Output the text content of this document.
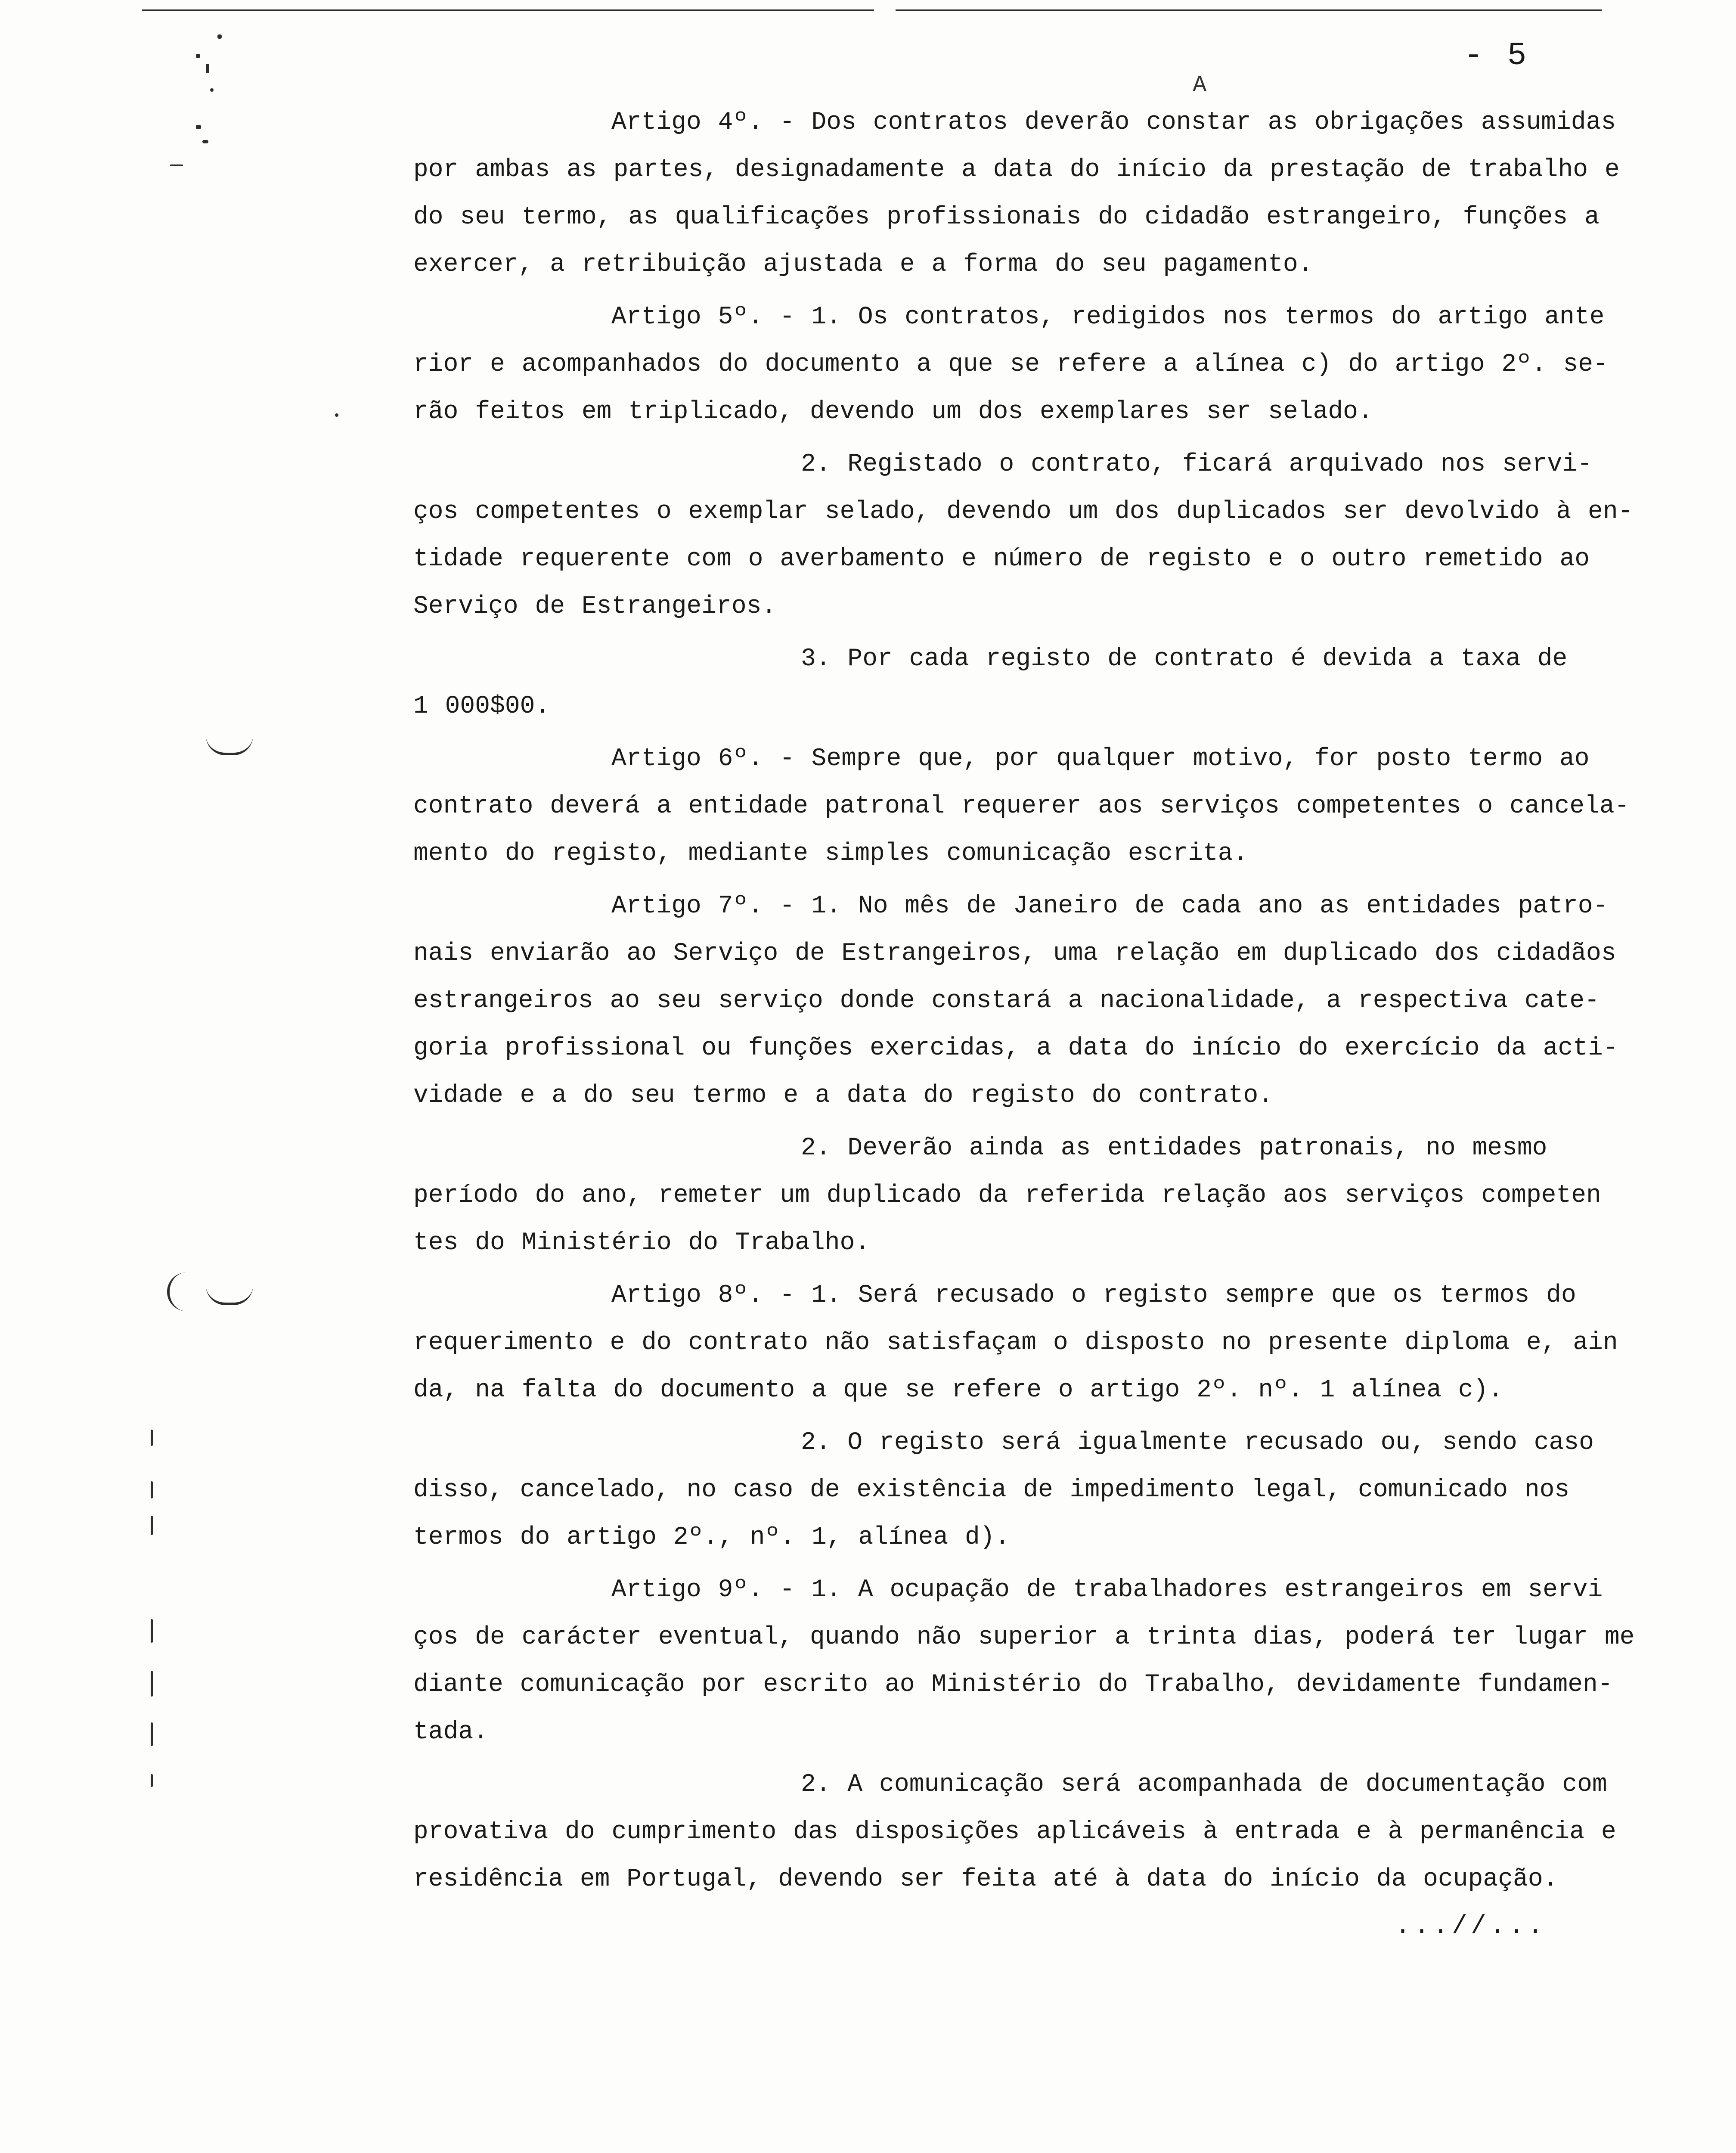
- 5
A
Artigo 4º. - Dos contratos deverão constar as obrigações assumidas
por ambas as partes, designadamente a data do início da prestação de trabalho e
do seu termo, as qualificações profissionais do cidadão estrangeiro, funções a
exercer, a retribuição ajustada e a forma do seu pagamento.
Artigo 5º. - 1. Os contratos, redigidos nos termos do artigo ante
rior e acompanhados do documento a que se refere a alínea c) do artigo 2º. se-
rão feitos em triplicado, devendo um dos exemplares ser selado.
2. Registado o contrato, ficará arquivado nos servi-
ços competentes o exemplar selado, devendo um dos duplicados ser devolvido à en-
tidade requerente com o averbamento e número de registo e o outro remetido ao
Serviço de Estrangeiros.
3. Por cada registo de contrato é devida a taxa de
1 000$00.
Artigo 6º. - Sempre que, por qualquer motivo, for posto termo ao
contrato deverá a entidade patronal requerer aos serviços competentes o cancela-
mento do registo, mediante simples comunicação escrita.
Artigo 7º. - 1. No mês de Janeiro de cada ano as entidades patro-
nais enviarão ao Serviço de Estrangeiros, uma relação em duplicado dos cidadãos
estrangeiros ao seu serviço donde constará a nacionalidade, a respectiva cate-
goria profissional ou funções exercidas, a data do início do exercício da acti-
vidade e a do seu termo e a data do registo do contrato.
2. Deverão ainda as entidades patronais, no mesmo
período do ano, remeter um duplicado da referida relação aos serviços competen
tes do Ministério do Trabalho.
Artigo 8º. - 1. Será recusado o registo sempre que os termos do
requerimento e do contrato não satisfaçam o disposto no presente diploma e, ain
da, na falta do documento a que se refere o artigo 2º. nº. 1 alínea c).
2. O registo será igualmente recusado ou, sendo caso
disso, cancelado, no caso de existência de impedimento legal, comunicado nos
termos do artigo 2º., nº. 1, alínea d).
Artigo 9º. - 1. A ocupação de trabalhadores estrangeiros em servi
ços de carácter eventual, quando não superior a trinta dias, poderá ter lugar me
diante comunicação por escrito ao Ministério do Trabalho, devidamente fundamen-
tada.
2. A comunicação será acompanhada de documentação com
provativa do cumprimento das disposições aplicáveis à entrada e à permanência e
residência em Portugal, devendo ser feita até à data do início da ocupação.
...//...
